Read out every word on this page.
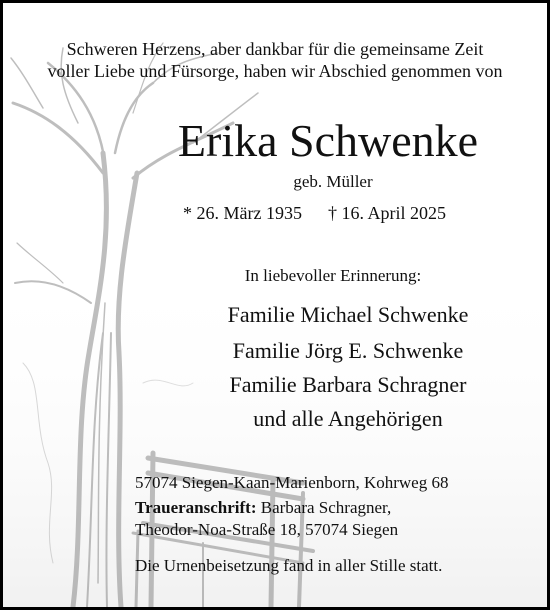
Schweren Herzens, aber dankbar für die gemeinsame Zeit

voller Liebe und Fürsorge, haben wir Abschied genommen von

Erika Schwenke

geb. Müller

* 26. März 1935 † 16. April 2025

In liebevoller Erinnerung:

Familie Michael Schwenke

Familie Jörg E. Schwenke

Familie Barbara Schragner

und alle Angehörigen

57074 Siegen-Kaan-Marienborn, Kohrweg 68

Traueranschrift: Barbara Schragner,

Theodor-Noa-Straße 18, 57074 Siegen

Die Urnenbeisetzung fand in aller Stille statt.
